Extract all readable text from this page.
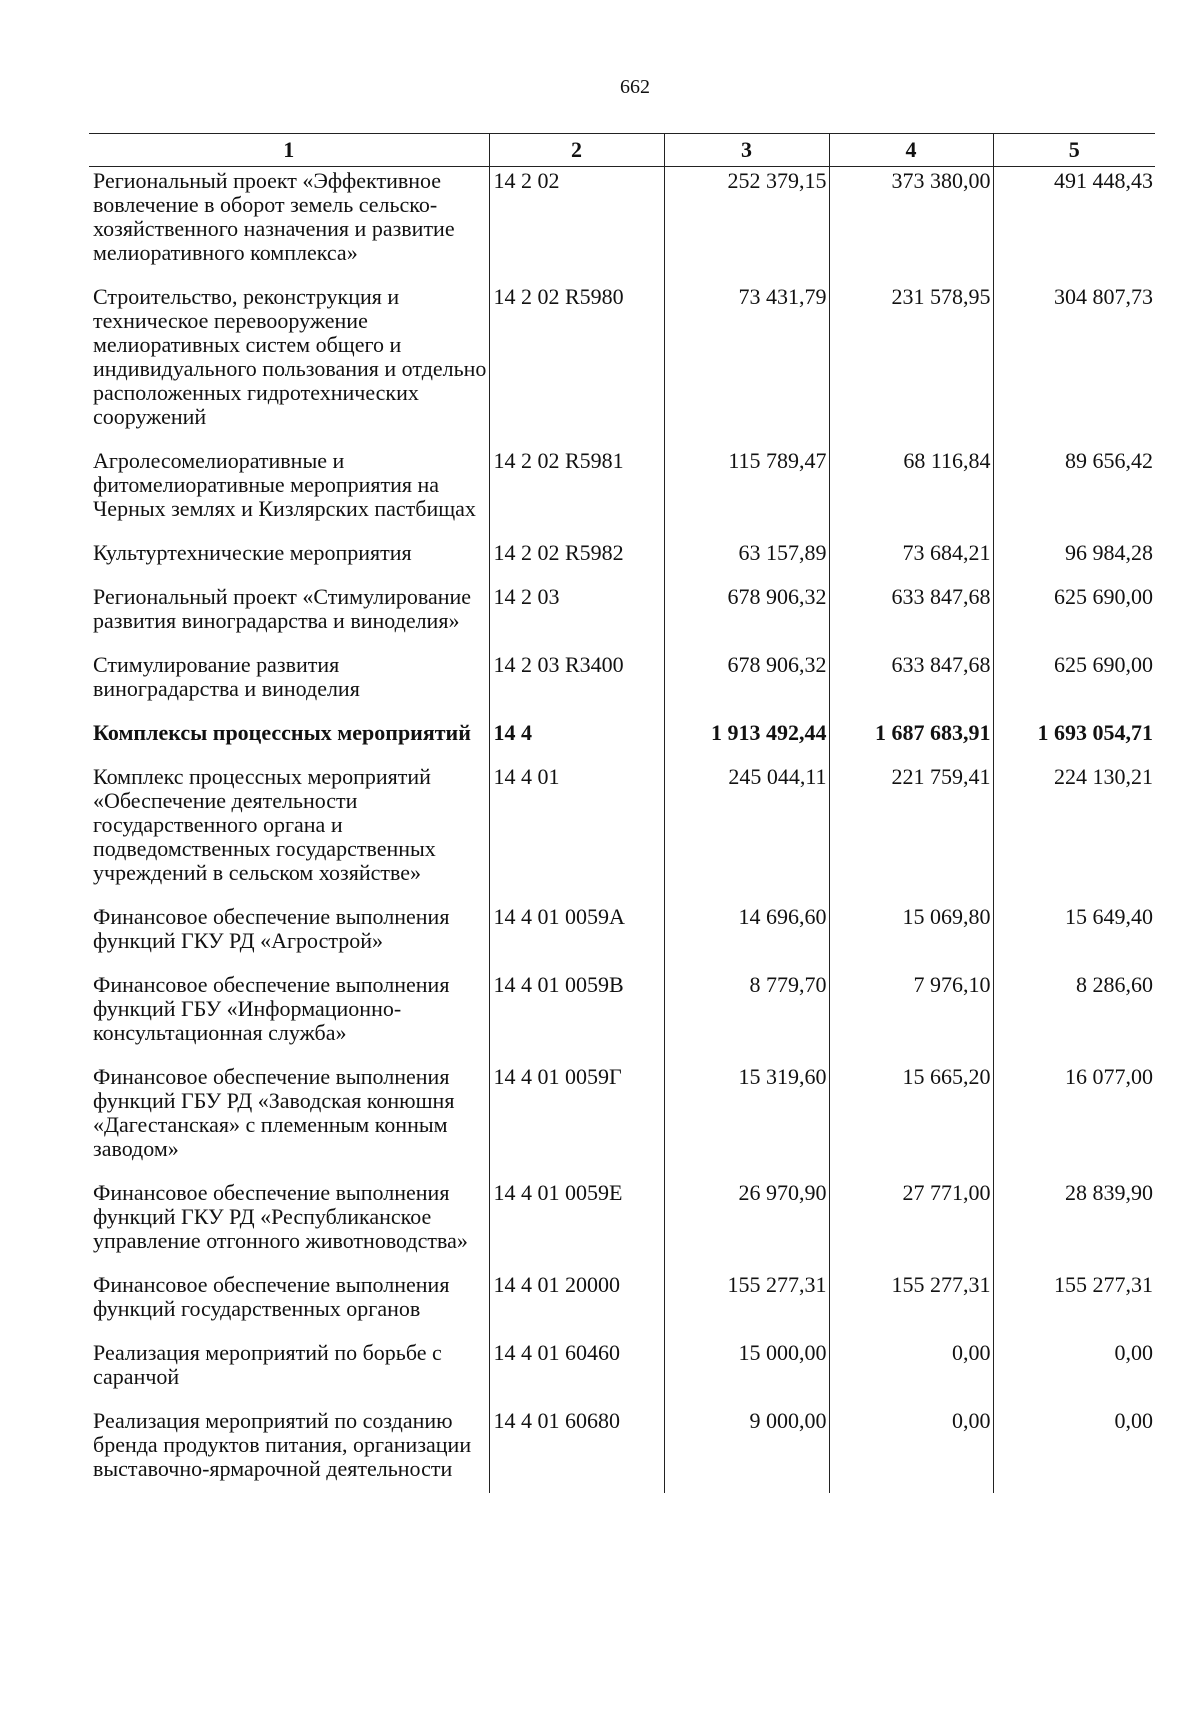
662
1	2	3	4	5
Региональный проект «Эффективное вовлечение в оборот земель сельско-хозяйственного назначения и развитие мелиоративного комплекса»	14 2 02	252 379,15	373 380,00	491 448,43
Строительство, реконструкция и техническое перевооружение мелиоративных систем общего и индивидуального пользования и отдельно расположенных гидротехнических сооружений	14 2 02 R5980	73 431,79	231 578,95	304 807,73
Агролесомелиоративные и фитомелиоративные мероприятия на Черных землях и Кизлярских пастбищах	14 2 02 R5981	115 789,47	68 116,84	89 656,42
Культуртехнические мероприятия	14 2 02 R5982	63 157,89	73 684,21	96 984,28
Региональный проект «Стимулирование развития виноградарства и виноделия»	14 2 03	678 906,32	633 847,68	625 690,00
Стимулирование развития виноградарства и виноделия	14 2 03 R3400	678 906,32	633 847,68	625 690,00
Комплексы процессных мероприятий	14 4	1 913 492,44	1 687 683,91	1 693 054,71
Комплекс процессных мероприятий «Обеспечение деятельности государственного органа и подведомственных государственных учреждений в сельском хозяйстве»	14 4 01	245 044,11	221 759,41	224 130,21
Финансовое обеспечение выполнения функций ГКУ РД «Агрострой»	14 4 01 0059А	14 696,60	15 069,80	15 649,40
Финансовое обеспечение выполнения функций ГБУ «Информационно-консультационная служба»	14 4 01 0059В	8 779,70	7 976,10	8 286,60
Финансовое обеспечение выполнения функций ГБУ РД «Заводская конюшня «Дагестанская» с племенным конным заводом»	14 4 01 0059Г	15 319,60	15 665,20	16 077,00
Финансовое обеспечение выполнения функций ГКУ РД «Республиканское управление отгонного животноводства»	14 4 01 0059Е	26 970,90	27 771,00	28 839,90
Финансовое обеспечение выполнения функций государственных органов	14 4 01 20000	155 277,31	155 277,31	155 277,31
Реализация мероприятий по борьбе с саранчой	14 4 01 60460	15 000,00	0,00	0,00
Реализация мероприятий по созданию бренда продуктов питания, организации выставочно-ярмарочной деятельности	14 4 01 60680	9 000,00	0,00	0,00
